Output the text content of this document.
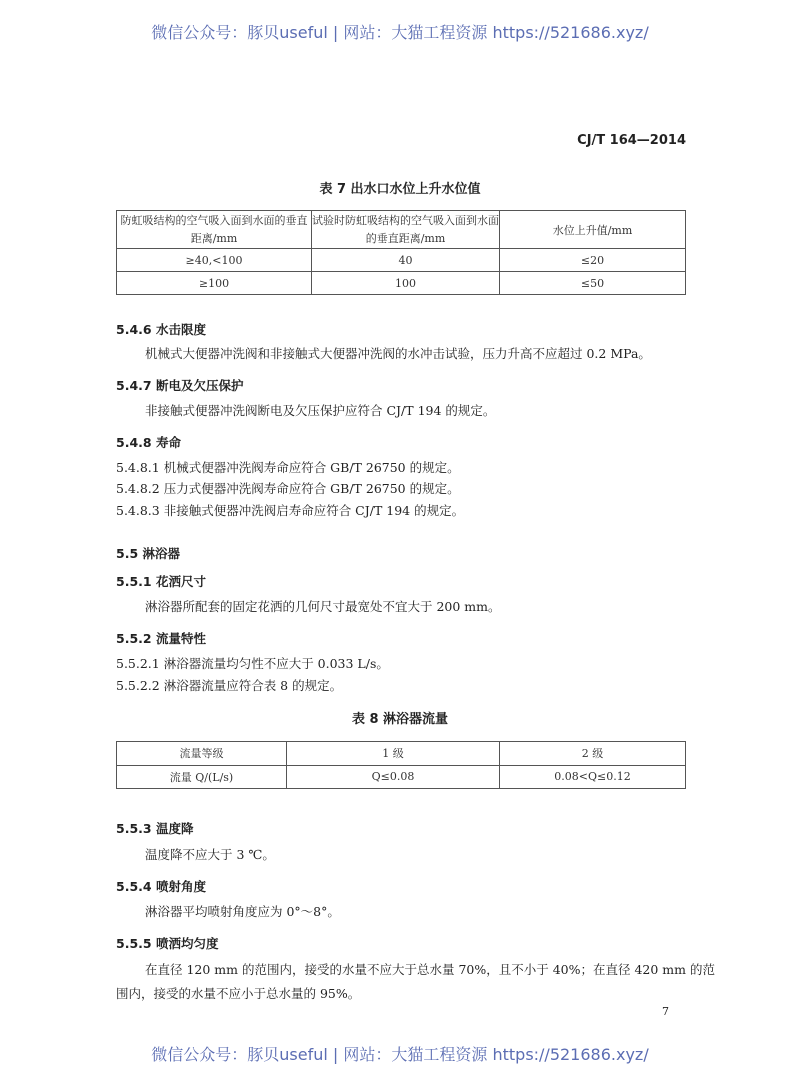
微信公众号：豚贝useful | 网站：大猫工程资源 https://521686.xyz/
CJ/T 164—2014
表 7 出水口水位上升水位值
防虹吸结构的空气吸入面到水面的垂直距离/mm	试验时防虹吸结构的空气吸入面到水面的垂直距离/mm	水位上升值/mm
≥40,<100	40	≤20
≥100	100	≤50
5.4.6 水击限度
机械式大便器冲洗阀和非接触式大便器冲洗阀的水冲击试验，压力升高不应超过 0.2 MPa。
5.4.7 断电及欠压保护
非接触式便器冲洗阀断电及欠压保护应符合 CJ/T 194 的规定。
5.4.8 寿命
5.4.8.1 机械式便器冲洗阀寿命应符合 GB/T 26750 的规定。
5.4.8.2 压力式便器冲洗阀寿命应符合 GB/T 26750 的规定。
5.4.8.3 非接触式便器冲洗阀启寿命应符合 CJ/T 194 的规定。
5.5 淋浴器
5.5.1 花洒尺寸
淋浴器所配套的固定花洒的几何尺寸最宽处不宜大于 200 mm。
5.5.2 流量特性
5.5.2.1 淋浴器流量均匀性不应大于 0.033 L/s。
5.5.2.2 淋浴器流量应符合表 8 的规定。
表 8 淋浴器流量
流量等级	1 级	2 级
流量 Q/(L/s)	Q≤0.08	0.08<Q≤0.12
5.5.3 温度降
温度降不应大于 3 ℃。
5.5.4 喷射角度
淋浴器平均喷射角度应为 0°～8°。
5.5.5 喷洒均匀度
在直径 120 mm 的范围内，接受的水量不应大于总水量 70%，且不小于 40%；在直径 420 mm 的范
围内，接受的水量不应小于总水量的 95%。
7
微信公众号：豚贝useful | 网站：大猫工程资源 https://521686.xyz/
